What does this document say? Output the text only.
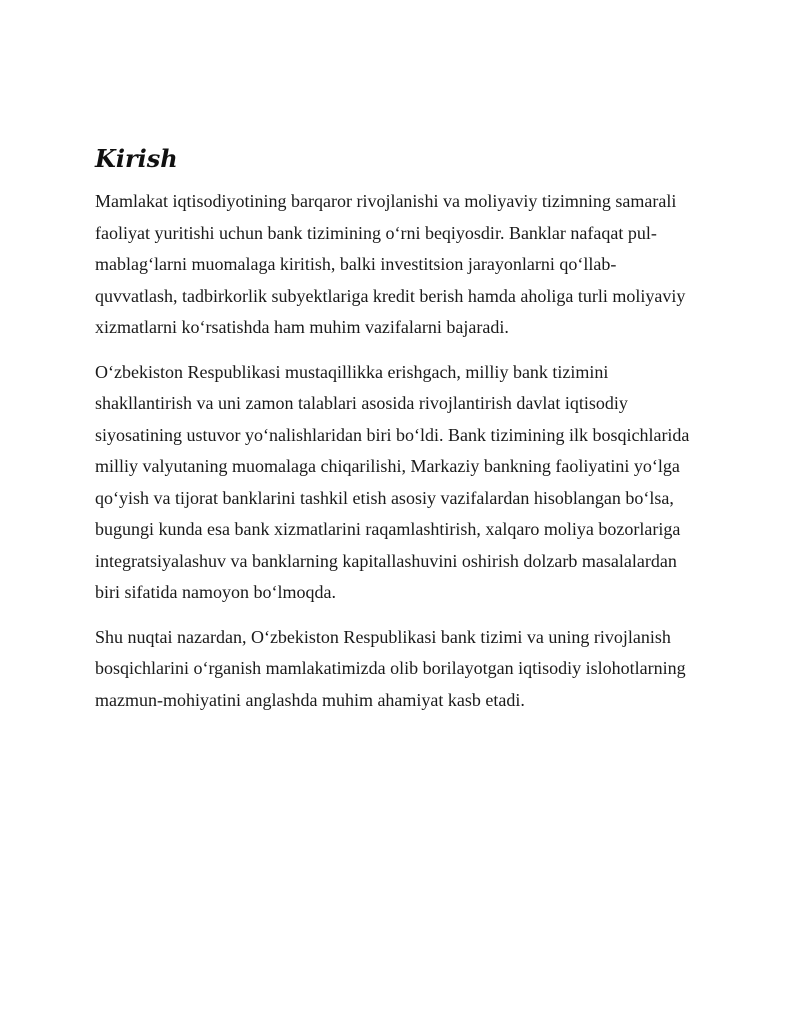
Kirish

Mamlakat iqtisodiyotining barqaror rivojlanishi va moliyaviy tizimning samarali
faoliyat yuritishi uchun bank tizimining o‘rni beqiyosdir. Banklar nafaqat pul-
mablag‘larni muomalaga kiritish, balki investitsion jarayonlarni qo‘llab-
quvvatlash, tadbirkorlik subyektlariga kredit berish hamda aholiga turli moliyaviy
xizmatlarni ko‘rsatishda ham muhim vazifalarni bajaradi.

O‘zbekiston Respublikasi mustaqillikka erishgach, milliy bank tizimini
shakllantirish va uni zamon talablari asosida rivojlantirish davlat iqtisodiy
siyosatining ustuvor yo‘nalishlaridan biri bo‘ldi. Bank tizimining ilk bosqichlarida
milliy valyutaning muomalaga chiqarilishi, Markaziy bankning faoliyatini yo‘lga
qo‘yish va tijorat banklarini tashkil etish asosiy vazifalardan hisoblangan bo‘lsa,
bugungi kunda esa bank xizmatlarini raqamlashtirish, xalqaro moliya bozorlariga
integratsiyalashuv va banklarning kapitallashuvini oshirish dolzarb masalalardan
biri sifatida namoyon bo‘lmoqda.

Shu nuqtai nazardan, O‘zbekiston Respublikasi bank tizimi va uning rivojlanish
bosqichlarini o‘rganish mamlakatimizda olib borilayotgan iqtisodiy islohotlarning
mazmun-mohiyatini anglashda muhim ahamiyat kasb etadi.
